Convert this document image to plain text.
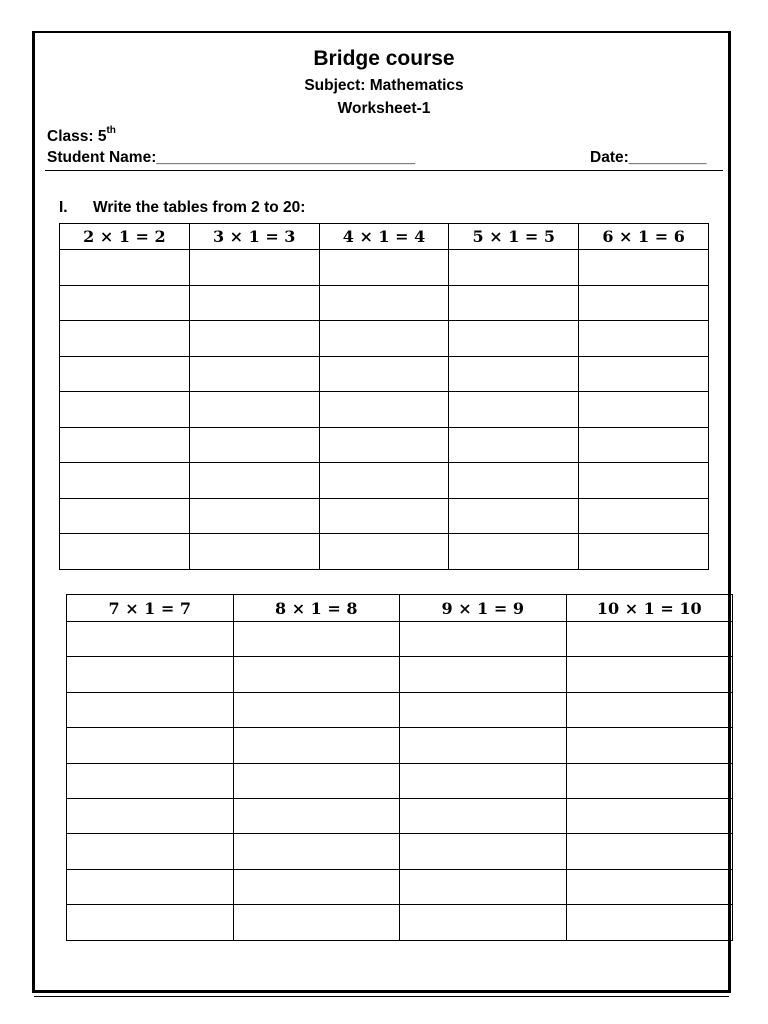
Bridge course
Subject: Mathematics
Worksheet-1
Class: 5th
Student Name:______________________________	Date:_________
I. Write the tables from 2 to 20:
2 × 1 = 2	3 × 1 = 3	4 × 1 = 4	5 × 1 = 5	6 × 1 = 6

7 × 1 = 7	8 × 1 = 8	9 × 1 = 9	10 × 1 = 10
